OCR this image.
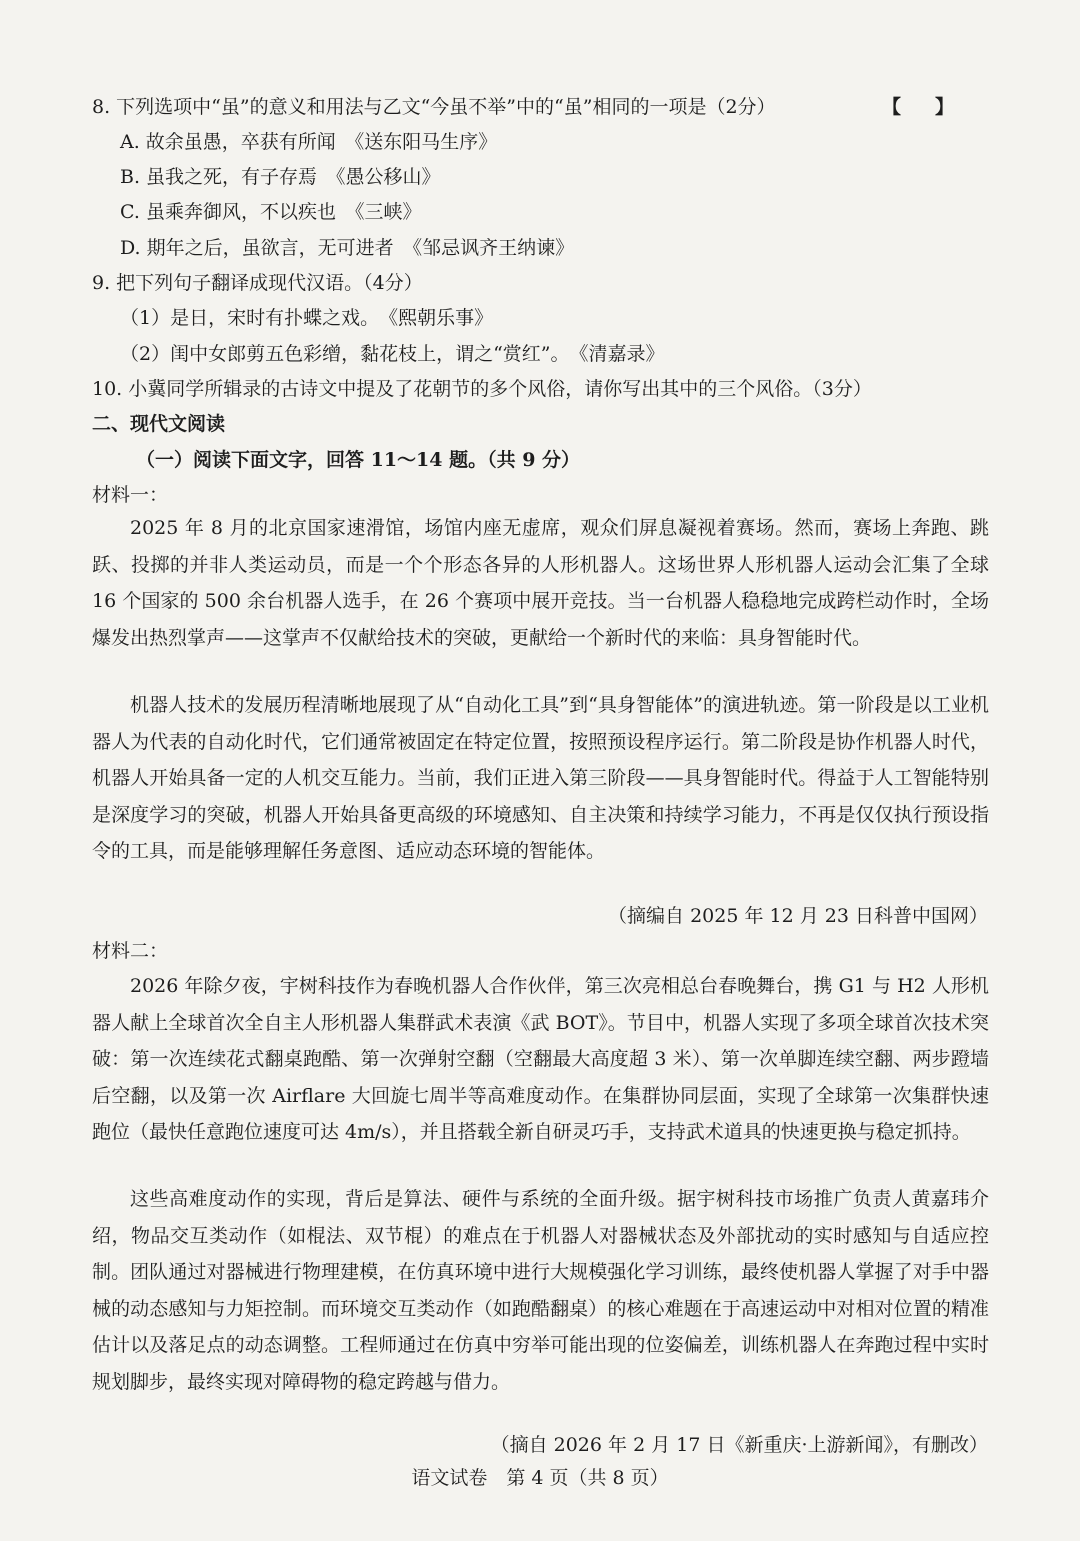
8. 下列选项中“虽”的意义和用法与乙文“今虽不举”中的“虽”相同的一项是（2分）	【】
A. 故余虽愚，卒获有所闻　《送东阳马生序》
B. 虽我之死，有子存焉　《愚公移山》
C. 虽乘奔御风，不以疾也　《三峡》
D. 期年之后，虽欲言，无可进者　《邹忌讽齐王纳谏》
9. 把下列句子翻译成现代汉语。（4分）
（1）是日，宋时有扑蝶之戏。　《熙朝乐事》
（2）闺中女郎剪五色彩缯，黏花枝上，谓之“赏红”。　《清嘉录》
10. 小冀同学所辑录的古诗文中提及了花朝节的多个风俗，请你写出其中的三个风俗。（3分）
二、现代文阅读
（一）阅读下面文字，回答 11～14 题。（共 9 分）
材料一：
2025 年 8 月的北京国家速滑馆，场馆内座无虚席，观众们屏息凝视着赛场。然而，赛场上奔跑、跳跃、投掷的并非人类运动员，而是一个个形态各异的人形机器人。这场世界人形机器人运动会汇集了全球 16 个国家的 500 余台机器人选手，在 26 个赛项中展开竞技。当一台机器人稳稳地完成跨栏动作时，全场爆发出热烈掌声——这掌声不仅献给技术的突破，更献给一个新时代的来临：具身智能时代。
机器人技术的发展历程清晰地展现了从“自动化工具”到“具身智能体”的演进轨迹。第一阶段是以工业机器人为代表的自动化时代，它们通常被固定在特定位置，按照预设程序运行。第二阶段是协作机器人时代，机器人开始具备一定的人机交互能力。当前，我们正进入第三阶段——具身智能时代。得益于人工智能特别是深度学习的突破，机器人开始具备更高级的环境感知、自主决策和持续学习能力，不再是仅仅执行预设指令的工具，而是能够理解任务意图、适应动态环境的智能体。
（摘编自 2025 年 12 月 23 日科普中国网）
材料二：
2026 年除夕夜，宇树科技作为春晚机器人合作伙伴，第三次亮相总台春晚舞台，携 G1 与 H2 人形机器人献上全球首次全自主人形机器人集群武术表演《武 BOT》。节目中，机器人实现了多项全球首次技术突破：第一次连续花式翻桌跑酷、第一次弹射空翻（空翻最大高度超 3 米）、第一次单脚连续空翻、两步蹬墙后空翻，以及第一次 Airflare 大回旋七周半等高难度动作。在集群协同层面，实现了全球第一次集群快速跑位（最快任意跑位速度可达 4m/s），并且搭载全新自研灵巧手，支持武术道具的快速更换与稳定抓持。
这些高难度动作的实现，背后是算法、硬件与系统的全面升级。据宇树科技市场推广负责人黄嘉玮介绍，物品交互类动作（如棍法、双节棍）的难点在于机器人对器械状态及外部扰动的实时感知与自适应控制。团队通过对器械进行物理建模，在仿真环境中进行大规模强化学习训练，最终使机器人掌握了对手中器械的动态感知与力矩控制。而环境交互类动作（如跑酷翻桌）的核心难题在于高速运动中对相对位置的精准估计以及落足点的动态调整。工程师通过在仿真中穷举可能出现的位姿偏差，训练机器人在奔跑过程中实时规划脚步，最终实现对障碍物的稳定跨越与借力。
（摘自 2026 年 2 月 17 日《新重庆·上游新闻》，有删改）
语文试卷　第 4 页（共 8 页）
